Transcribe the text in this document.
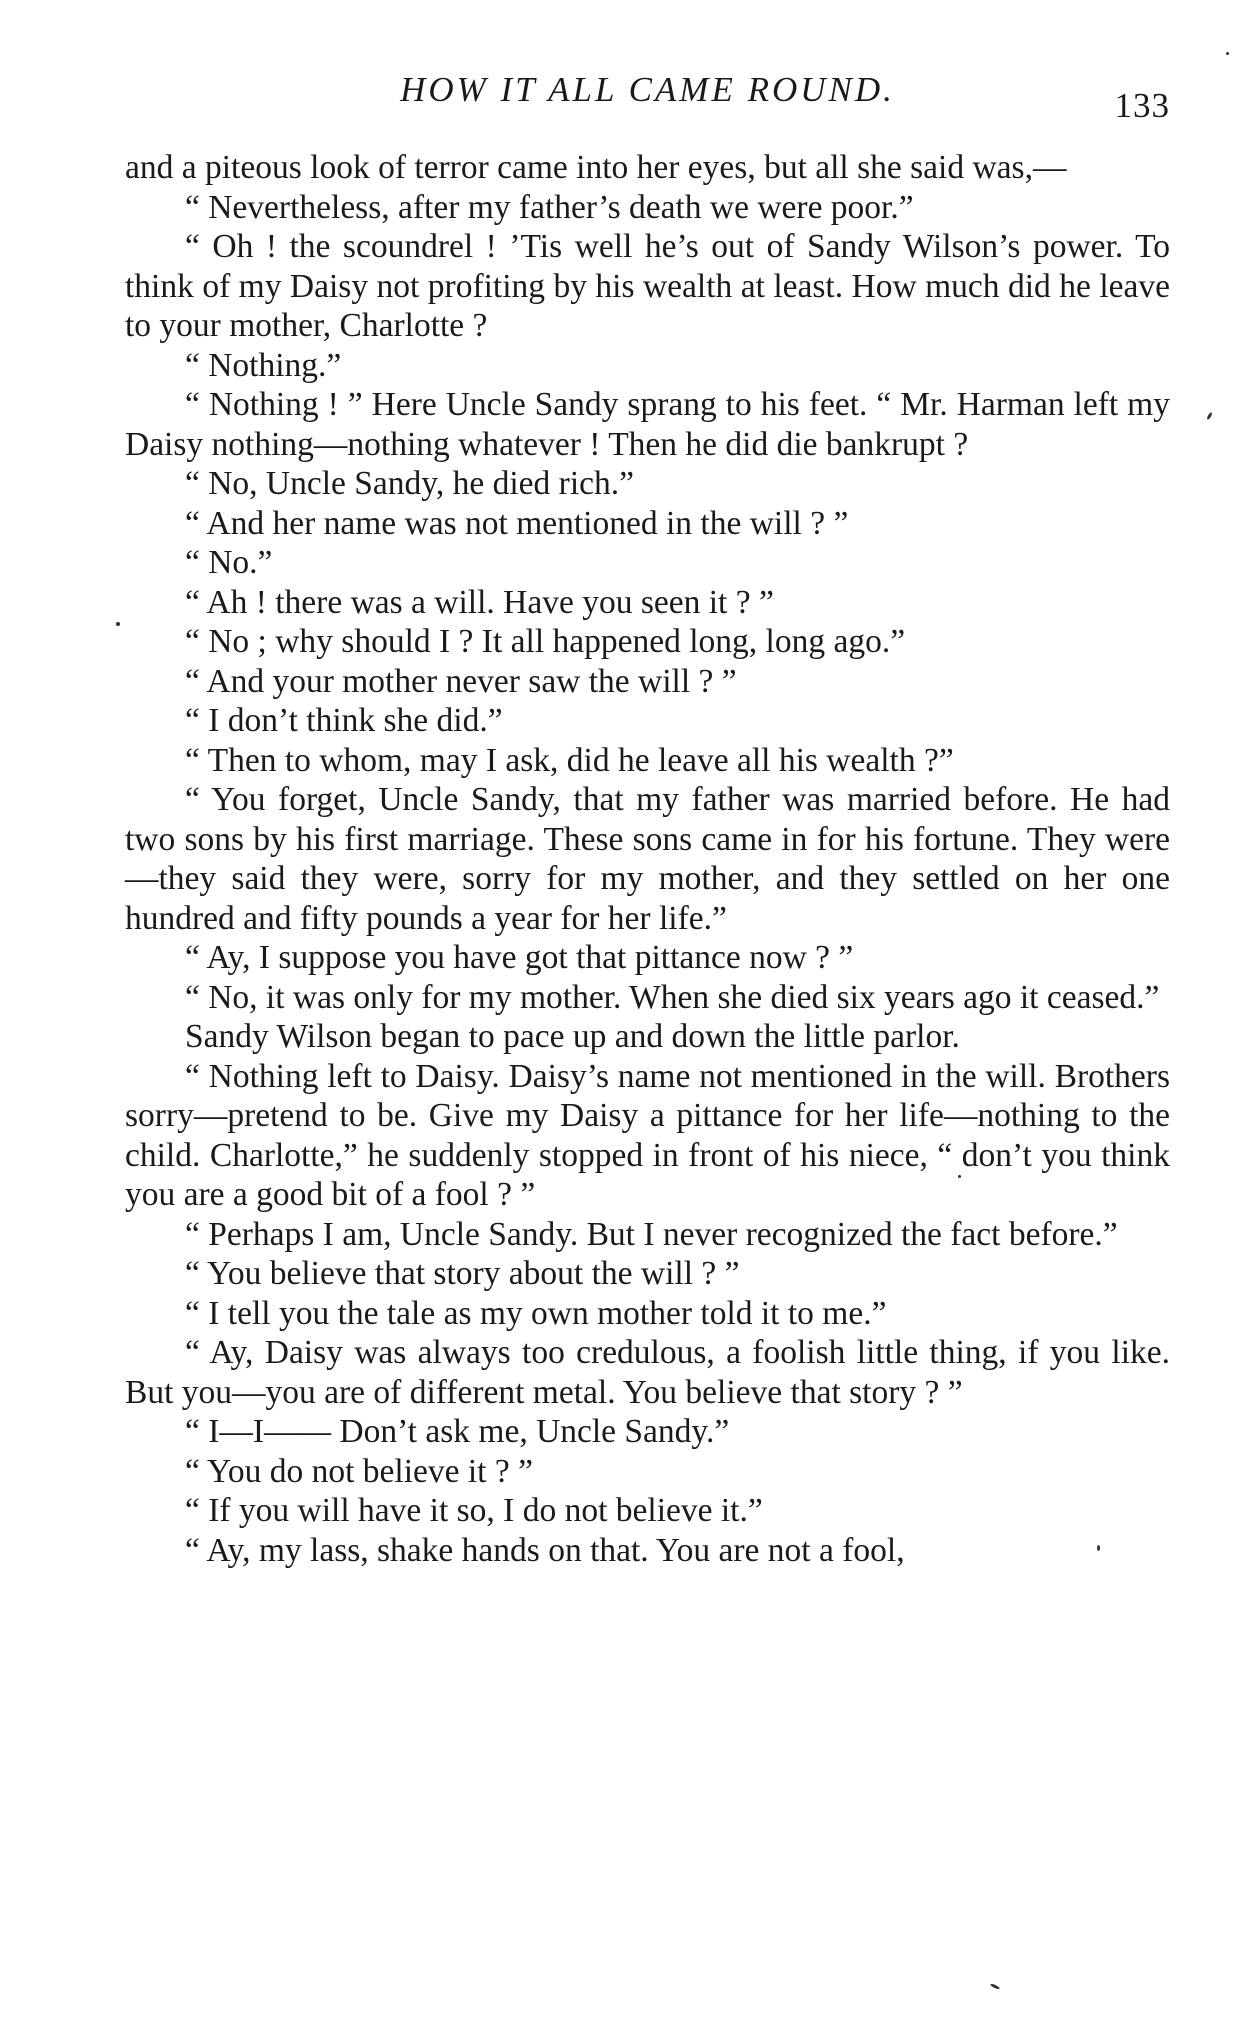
HOW IT ALL CAME ROUND.	133

and a piteous look of terror came into her eyes, but all she said was,—

“ Nevertheless, after my father’s death we were poor.”

“ Oh ! the scoundrel ! ’Tis well he’s out of Sandy Wilson’s power. To think of my Daisy not profiting by his wealth at least. How much did he leave to your mother, Charlotte ?

“ Nothing.”

“ Nothing ! ” Here Uncle Sandy sprang to his feet. “ Mr. Harman left my Daisy nothing—nothing whatever ! Then he did die bankrupt ?

“ No, Uncle Sandy, he died rich.”

“ And her name was not mentioned in the will ? ”

“ No.”

“ Ah ! there was a will. Have you seen it ? ”

“ No ; why should I ? It all happened long, long ago.”

“ And your mother never saw the will ? ”

“ I don’t think she did.”

“ Then to whom, may I ask, did he leave all his wealth ?”

“ You forget, Uncle Sandy, that my father was married before. He had two sons by his first marriage. These sons came in for his fortune. They were—they said they were, sorry for my mother, and they settled on her one hundred and fifty pounds a year for her life.”

“ Ay, I suppose you have got that pittance now ? ”

“ No, it was only for my mother. When she died six years ago it ceased.”

Sandy Wilson began to pace up and down the little parlor.

“ Nothing left to Daisy. Daisy’s name not mentioned in the will. Brothers sorry—pretend to be. Give my Daisy a pittance for her life—nothing to the child. Charlotte,” he suddenly stopped in front of his niece, “ don’t you think you are a good bit of a fool ? ”

“ Perhaps I am, Uncle Sandy. But I never recognized the fact before.”

“ You believe that story about the will ? ”

“ I tell you the tale as my own mother told it to me.”

“ Ay, Daisy was always too credulous, a foolish little thing, if you like. But you—you are of different metal. You believe that story ? ”

“ I—I—— Don’t ask me, Uncle Sandy.”

“ You do not believe it ? ”

“ If you will have it so, I do not believe it.”

“ Ay, my lass, shake hands on that. You are not a fool,
